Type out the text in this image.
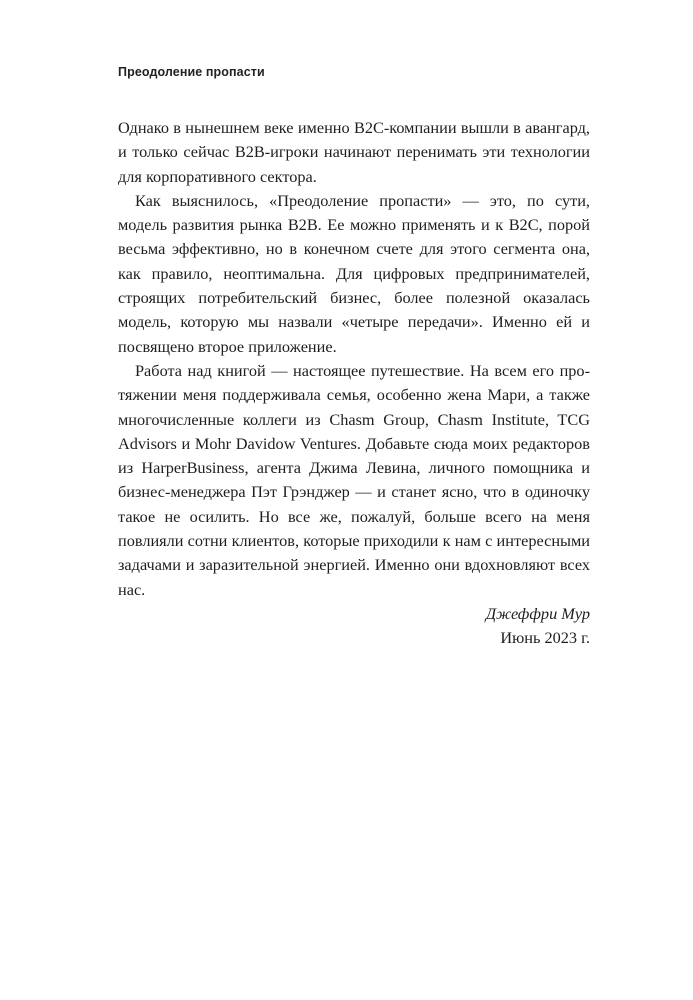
Преодоление пропасти

Однако в нынешнем веке именно B2C-компании вышли в авангард, и только сейчас B2B-игроки начинают перенимать эти технологии для корпоративного сектора.

Как выяснилось, «Преодоление пропасти» — это, по сути, модель развития рынка B2B. Ее можно применять и к B2C, порой весьма эффективно, но в конечном счете для этого сегмента она, как правило, неоптимальна. Для цифровых предпринимателей, строящих потребительский бизнес, более полезной оказалась модель, которую мы назвали «четыре передачи». Именно ей и посвящено второе приложение.

Работа над книгой — настоящее путешествие. На всем его протяжении меня поддерживала семья, особенно жена Мари, а также многочисленные коллеги из Chasm Group, Chasm Institute, TCG Advisors и Mohr Davidow Ventures. Добавьте сюда моих редакторов из HarperBusiness, агента Джима Левина, личного помощника и бизнес-менеджера Пэт Грэнджер — и станет ясно, что в одиночку такое не осилить. Но все же, пожалуй, больше всего на меня повлияли сотни клиентов, которые приходили к нам с интересными задачами и заразительной энергией. Именно они вдохновляют всех нас.

Джеффри Мур

Июнь 2023 г.
